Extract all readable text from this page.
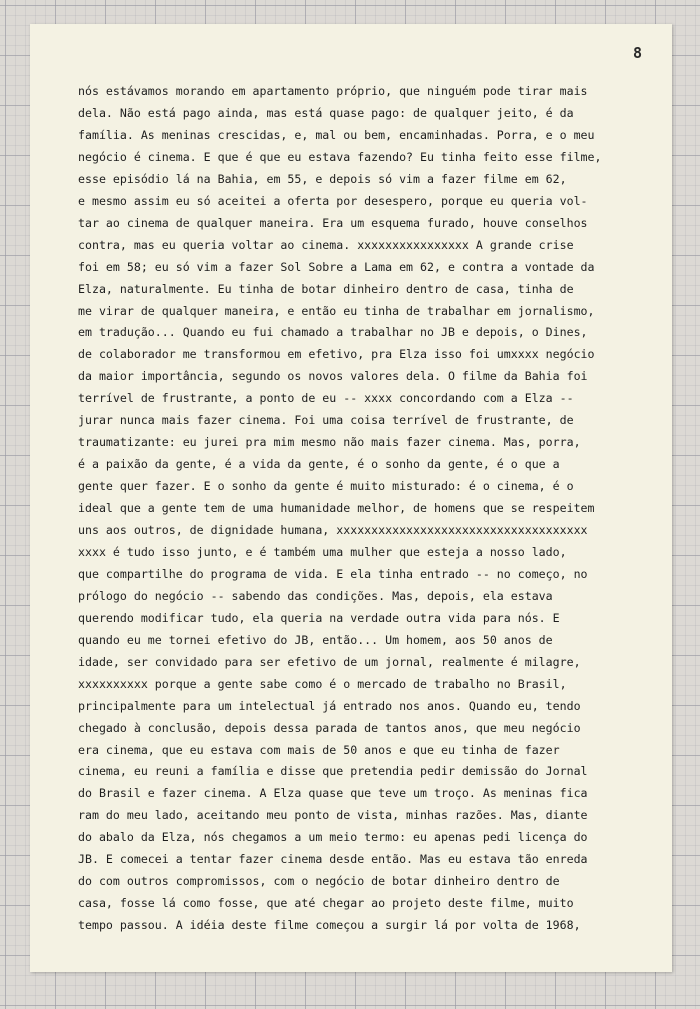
8
nós estávamos morando em apartamento próprio, que ninguém pode tirar mais
dela. Não está pago ainda, mas está quase pago: de qualquer jeito, é da
família. As meninas crescidas, e, mal ou bem, encaminhadas. Porra, e o meu
negócio é cinema. E que é que eu estava fazendo? Eu tinha feito esse filme,
esse episódio lá na Bahia, em 55, e depois só vim a fazer filme em 62,
e mesmo assim eu só aceitei a oferta por desespero, porque eu queria vol-
tar ao cinema de qualquer maneira. Era um esquema furado, houve conselhos
contra, mas eu queria voltar ao cinema. xxxxxxxxxxxxxxxx A grande crise
foi em 58; eu só vim a fazer Sol Sobre a Lama em 62, e contra a vontade da
Elza, naturalmente. Eu tinha de botar dinheiro dentro de casa, tinha de
me virar de qualquer maneira, e então eu tinha de trabalhar em jornalismo,
em tradução... Quando eu fui chamado a trabalhar no JB e depois, o Dines,
de colaborador me transformou em efetivo, pra Elza isso foi umxxxx negócio
da maior importância, segundo os novos valores dela. O filme da Bahia foi
terrível de frustrante, a ponto de eu -- xxxx concordando com a Elza --
jurar nunca mais fazer cinema. Foi uma coisa terrível de frustrante, de
traumatizante: eu jurei pra mim mesmo não mais fazer cinema. Mas, porra,
é a paixão da gente, é a vida da gente, é o sonho da gente, é o que a
gente quer fazer. E o sonho da gente é muito misturado: é o cinema, é o
ideal que a gente tem de uma humanidade melhor, de homens que se respeitem
uns aos outros, de dignidade humana, xxxxxxxxxxxxxxxxxxxxxxxxxxxxxxxxxxxx
xxxx é tudo isso junto, e é também uma mulher que esteja a nosso lado,
que compartilhe do programa de vida. E ela tinha entrado -- no começo, no
prólogo do negócio -- sabendo das condições. Mas, depois, ela estava
querendo modificar tudo, ela queria na verdade outra vida para nós. E
quando eu me tornei efetivo do JB, então... Um homem, aos 50 anos de
idade, ser convidado para ser efetivo de um jornal, realmente é milagre,
xxxxxxxxxx porque a gente sabe como é o mercado de trabalho no Brasil,
principalmente para um intelectual já entrado nos anos. Quando eu, tendo
chegado à conclusão, depois dessa parada de tantos anos, que meu negócio
era cinema, que eu estava com mais de 50 anos e que eu tinha de fazer
cinema, eu reuni a família e disse que pretendia pedir demissão do Jornal
do Brasil e fazer cinema. A Elza quase que teve um troço. As meninas fica
ram do meu lado, aceitando meu ponto de vista, minhas razões. Mas, diante
do abalo da Elza, nós chegamos a um meio termo: eu apenas pedi licença do
JB. E comecei a tentar fazer cinema desde então. Mas eu estava tão enreda
do com outros compromissos, com o negócio de botar dinheiro dentro de
casa, fosse lá como fosse, que até chegar ao projeto deste filme, muito
tempo passou. A idéia deste filme começou a surgir lá por volta de 1968,
